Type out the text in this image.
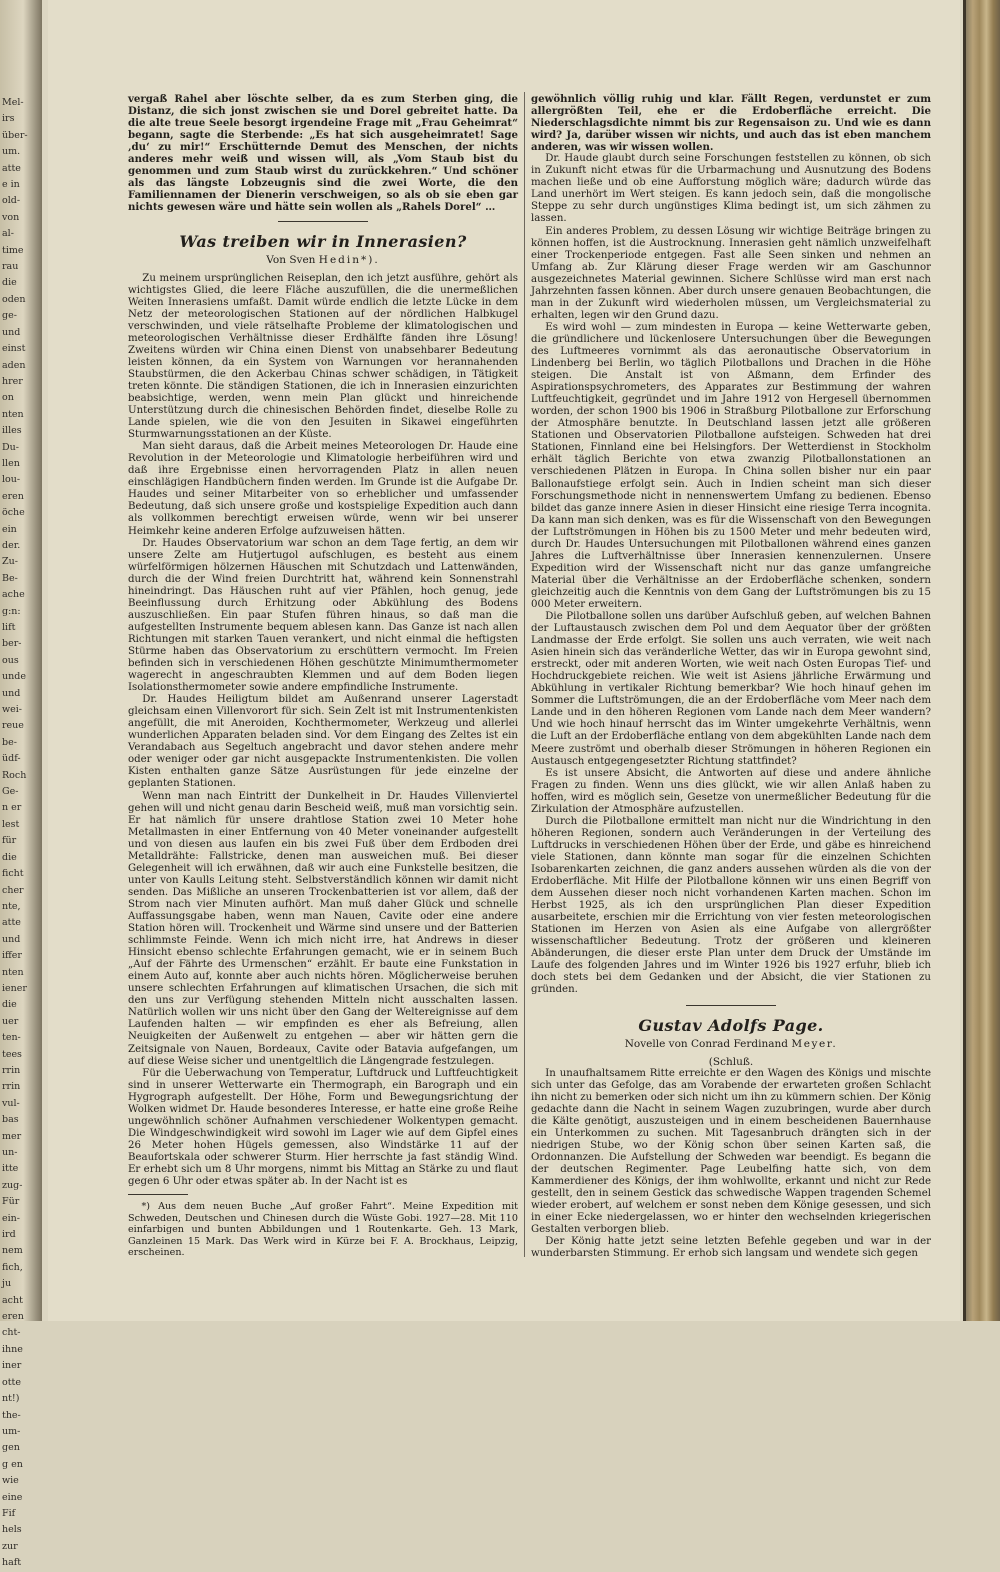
Mel-
irs
über-
um.
atte
e in
old-
von
al-
time
rau
die
oden
ge-
und
einst
aden
hrer
on
nten
illes
Du-
llen
lou-
eren
öche
ein
der.
Zu-
Be-
ache
g:n:
lift
ber-
ous
unde
und
wei-
reue
be-
üdf-
Roch
Ge-
n er
lest
für
die
ficht
cher
nte,
atte
und
iffer
nten
iener
die
uer
ten-
tees
rrin
rrin
vul-
bas
mer
un-
itte
zug-
Für
ein-
ird
nem
fich,
ju
acht
eren
cht-
ihne
iner
otte
nt!)
the-
um-
gen
g en
wie
eine
Fif
hels
zur
haft

vergaß Rahel aber löschte selber, da es zum Sterben ging, die Distanz, die sich jonst zwischen sie und Dorel gebreitet hatte. Da die alte treue Seele besorgt irgendeine Frage mit „Frau Geheimrat“ begann, sagte die Sterbende: „Es hat sich ausgeheimratet! Sage ‚du‘ zu mir!“ Erschütternde Demut des Menschen, der nichts anderes mehr weiß und wissen will, als „Vom Staub bist du genommen und zum Staub wirst du zurückkehren.“ Und schöner als das längste Lobzeugnis sind die zwei Worte, die den Familiennamen der Dienerin verschweigen, so als ob sie eben gar nichts gewesen wäre und hätte sein wollen als „Rahels Dorel“ …

Was treiben wir in Innerasien?
Von Sven Hedin*).

Zu meinem ursprünglichen Reiseplan, den ich jetzt ausführe, gehört als wichtigstes Glied, die leere Fläche auszufüllen, die die unermeßlichen Weiten Innerasiens umfaßt. Damit würde endlich die letzte Lücke in dem Netz der meteorologischen Stationen auf der nördlichen Halbkugel verschwinden, und viele rätselhafte Probleme der klimatologischen und meteorologischen Verhältnisse dieser Erdhälfte fänden ihre Lösung! Zweitens würden wir China einen Dienst von unabsehbarer Bedeutung leisten können, da ein System von Warnungen vor herannahenden Staubstürmen, die den Ackerbau Chinas schwer schädigen, in Tätigkeit treten könnte. Die ständigen Stationen, die ich in Innerasien einzurichten beabsichtige, werden, wenn mein Plan glückt und hinreichende Unterstützung durch die chinesischen Behörden findet, dieselbe Rolle zu Lande spielen, wie die von den Jesuiten in Sikawei eingeführten Sturmwarnungsstationen an der Küste.

Man sieht daraus, daß die Arbeit meines Meteorologen Dr. Haude eine Revolution in der Meteorologie und Klimatologie herbeiführen wird und daß ihre Ergebnisse einen hervorragenden Platz in allen neuen einschlägigen Handbüchern finden werden. Im Grunde ist die Aufgabe Dr. Haudes und seiner Mitarbeiter von so erheblicher und umfassender Bedeutung, daß sich unsere große und kostspielige Expedition auch dann als vollkommen berechtigt erweisen würde, wenn wir bei unserer Heimkehr keine anderen Erfolge aufzuweisen hätten.

Dr. Haudes Observatorium war schon an dem Tage fertig, an dem wir unsere Zelte am Hutjertugol aufschlugen, es besteht aus einem würfelförmigen hölzernen Häuschen mit Schutzdach und Lattenwänden, durch die der Wind freien Durchtritt hat, während kein Sonnenstrahl hineindringt. Das Häuschen ruht auf vier Pfählen, hoch genug, jede Beeinflussung durch Erhitzung oder Abkühlung des Bodens auszuschließen. Ein paar Stufen führen hinaus, so daß man die aufgestellten Instrumente bequem ablesen kann. Das Ganze ist nach allen Richtungen mit starken Tauen verankert, und nicht einmal die heftigsten Stürme haben das Observatorium zu erschüttern vermocht. Im Freien befinden sich in verschiedenen Höhen geschützte Minimumthermometer wagerecht in angeschraubten Klemmen und auf dem Boden liegen Isolationsthermometer sowie andere empfindliche Instrumente.

Dr. Haudes Heiligtum bildet am Außenrand unserer Lagerstadt gleichsam einen Villenvorort für sich. Sein Zelt ist mit Instrumentenkisten angefüllt, die mit Aneroiden, Kochthermometer, Werkzeug und allerlei wunderlichen Apparaten beladen sind. Vor dem Eingang des Zeltes ist ein Verandabach aus Segeltuch angebracht und davor stehen andere mehr oder weniger oder gar nicht ausgepackte Instrumentenkisten. Die vollen Kisten enthalten ganze Sätze Ausrüstungen für jede einzelne der geplanten Stationen.

Wenn man nach Eintritt der Dunkelheit in Dr. Haudes Villenviertel gehen will und nicht genau darin Bescheid weiß, muß man vorsichtig sein. Er hat nämlich für unsere drahtlose Station zwei 10 Meter hohe Metallmasten in einer Entfernung von 40 Meter voneinander aufgestellt und von diesen aus laufen ein bis zwei Fuß über dem Erdboden drei Metalldrähte: Fallstricke, denen man ausweichen muß. Bei dieser Gelegenheit will ich erwähnen, daß wir auch eine Funkstelle besitzen, die unter von Kaulls Leitung steht. Selbstverständlich können wir damit nicht senden. Das Mißliche an unseren Trockenbatterien ist vor allem, daß der Strom nach vier Minuten aufhört. Man muß daher Glück und schnelle Auffassungsgabe haben, wenn man Nauen, Cavite oder eine andere Station hören will. Trockenheit und Wärme sind unsere und der Batterien schlimmste Feinde. Wenn ich mich nicht irre, hat Andrews in dieser Hinsicht ebenso schlechte Erfahrungen gemacht, wie er in seinem Buch „Auf der Fährte des Urmenschen“ erzählt. Er baute eine Funkstation in einem Auto auf, konnte aber auch nichts hören. Möglicherweise beruhen unsere schlechten Erfahrungen auf klimatischen Ursachen, die sich mit den uns zur Verfügung stehenden Mitteln nicht ausschalten lassen. Natürlich wollen wir uns nicht über den Gang der Weltereignisse auf dem Laufenden halten — wir empfinden es eher als Befreiung, allen Neuigkeiten der Außenwelt zu entgehen — aber wir hätten gern die Zeitsignale von Nauen, Bordeaux, Cavite oder Batavia aufgefangen, um auf diese Weise sicher und unentgeltlich die Längengrade festzulegen.

Für die Ueberwachung von Temperatur, Luftdruck und Luftfeuchtigkeit sind in unserer Wetterwarte ein Thermograph, ein Barograph und ein Hygrograph aufgestellt. Der Höhe, Form und Bewegungsrichtung der Wolken widmet Dr. Haude besonderes Interesse, er hatte eine große Reihe ungewöhnlich schöner Aufnahmen verschiedener Wolkentypen gemacht. Die Windgeschwindigkeit wird sowohl im Lager wie auf dem Gipfel eines 26 Meter hohen Hügels gemessen, also Windstärke 11 auf der Beaufortskala oder schwerer Sturm. Hier herrschte ja fast ständig Wind. Er erhebt sich um 8 Uhr morgens, nimmt bis Mittag an Stärke zu und flaut gegen 6 Uhr oder etwas später ab. In der Nacht ist es

*) Aus dem neuen Buche „Auf großer Fahrt“. Meine Expedition mit Schweden, Deutschen und Chinesen durch die Wüste Gobi. 1927—28. Mit 110 einfarbigen und bunten Abbildungen und 1 Routenkarte. Geh. 13 Mark, Ganzleinen 15 Mark. Das Werk wird in Kürze bei F. A. Brockhaus, Leipzig, erscheinen.

gewöhnlich völlig ruhig und klar. Fällt Regen, verdunstet er zum allergrößten Teil, ehe er die Erdoberfläche erreicht. Die Niederschlagsdichte nimmt bis zur Regensaison zu. Und wie es dann wird? Ja, darüber wissen wir nichts, und auch das ist eben manchem anderen, was wir wissen wollen.

Dr. Haude glaubt durch seine Forschungen feststellen zu können, ob sich in Zukunft nicht etwas für die Urbarmachung und Ausnutzung des Bodens machen ließe und ob eine Aufforstung möglich wäre; dadurch würde das Land unerhört im Wert steigen. Es kann jedoch sein, daß die mongolische Steppe zu sehr durch ungünstiges Klima bedingt ist, um sich zähmen zu lassen.

Ein anderes Problem, zu dessen Lösung wir wichtige Beiträge bringen zu können hoffen, ist die Austrocknung. Innerasien geht nämlich unzweifelhaft einer Trockenperiode entgegen. Fast alle Seen sinken und nehmen an Umfang ab. Zur Klärung dieser Frage werden wir am Gaschunnor ausgezeichnetes Material gewinnen. Sichere Schlüsse wird man erst nach Jahrzehnten fassen können. Aber durch unsere genauen Beobachtungen, die man in der Zukunft wird wiederholen müssen, um Vergleichsmaterial zu erhalten, legen wir den Grund dazu.

Es wird wohl — zum mindesten in Europa — keine Wetterwarte geben, die gründlichere und lückenlosere Untersuchungen über die Bewegungen des Luftmeeres vornimmt als das aeronautische Observatorium in Lindenberg bei Berlin, wo täglich Pilotballons und Drachen in die Höhe steigen. Die Anstalt ist von Aßmann, dem Erfinder des Aspirationspsychrometers, des Apparates zur Bestimmung der wahren Luftfeuchtigkeit, gegründet und im Jahre 1912 von Hergesell übernommen worden, der schon 1900 bis 1906 in Straßburg Pilotballone zur Erforschung der Atmosphäre benutzte. In Deutschland lassen jetzt alle größeren Stationen und Observatorien Pilotballone aufsteigen. Schweden hat drei Stationen, Finnland eine bei Helsingfors. Der Wetterdienst in Stockholm erhält täglich Berichte von etwa zwanzig Pilotballonstationen an verschiedenen Plätzen in Europa. In China sollen bisher nur ein paar Ballonaufstiege erfolgt sein. Auch in Indien scheint man sich dieser Forschungsmethode nicht in nennenswertem Umfang zu bedienen. Ebenso bildet das ganze innere Asien in dieser Hinsicht eine riesige Terra incognita. Da kann man sich denken, was es für die Wissenschaft von den Bewegungen der Luftströmungen in Höhen bis zu 1500 Meter und mehr bedeuten wird, durch Dr. Haudes Untersuchungen mit Pilotballonen während eines ganzen Jahres die Luftverhältnisse über Innerasien kennenzulernen. Unsere Expedition wird der Wissenschaft nicht nur das ganze umfangreiche Material über die Verhältnisse an der Erdoberfläche schenken, sondern gleichzeitig auch die Kenntnis von dem Gang der Luftströmungen bis zu 15 000 Meter erweitern.

Die Pilotballone sollen uns darüber Aufschluß geben, auf welchen Bahnen der Luftaustausch zwischen dem Pol und dem Aequator über der größten Landmasse der Erde erfolgt. Sie sollen uns auch verraten, wie weit nach Asien hinein sich das veränderliche Wetter, das wir in Europa gewohnt sind, erstreckt, oder mit anderen Worten, wie weit nach Osten Europas Tief- und Hochdruckgebiete reichen. Wie weit ist Asiens jährliche Erwärmung und Abkühlung in vertikaler Richtung bemerkbar? Wie hoch hinauf gehen im Sommer die Luftströmungen, die an der Erdoberfläche vom Meer nach dem Lande und in den höheren Regionen vom Lande nach dem Meer wandern? Und wie hoch hinauf herrscht das im Winter umgekehrte Verhältnis, wenn die Luft an der Erdoberfläche entlang von dem abgekühlten Lande nach dem Meere zuströmt und oberhalb dieser Strömungen in höheren Regionen ein Austausch entgegengesetzter Richtung stattfindet?

Es ist unsere Absicht, die Antworten auf diese und andere ähnliche Fragen zu finden. Wenn uns dies glückt, wie wir allen Anlaß haben zu hoffen, wird es möglich sein, Gesetze von unermeßlicher Bedeutung für die Zirkulation der Atmosphäre aufzustellen.

Durch die Pilotballone ermittelt man nicht nur die Windrichtung in den höheren Regionen, sondern auch Veränderungen in der Verteilung des Luftdrucks in verschiedenen Höhen über der Erde, und gäbe es hinreichend viele Stationen, dann könnte man sogar für die einzelnen Schichten Isobarenkarten zeichnen, die ganz anders aussehen würden als die von der Erdoberfläche. Mit Hilfe der Pilotballone können wir uns einen Begriff von dem Aussehen dieser noch nicht vorhandenen Karten machen. Schon im Herbst 1925, als ich den ursprünglichen Plan dieser Expedition ausarbeitete, erschien mir die Errichtung von vier festen meteorologischen Stationen im Herzen von Asien als eine Aufgabe von allergrößter wissenschaftlicher Bedeutung. Trotz der größeren und kleineren Abänderungen, die dieser erste Plan unter dem Druck der Umstände im Laufe des folgenden Jahres und im Winter 1926 bis 1927 erfuhr, blieb ich doch stets bei dem Gedanken und der Absicht, die vier Stationen zu gründen.

Gustav Adolfs Page.
Novelle von Conrad Ferdinand Meyer.
(Schluß.

In unaufhaltsamem Ritte erreichte er den Wagen des Königs und mischte sich unter das Gefolge, das am Vorabende der erwarteten großen Schlacht ihn nicht zu bemerken oder sich nicht um ihn zu kümmern schien. Der König gedachte dann die Nacht in seinem Wagen zuzubringen, wurde aber durch die Kälte genötigt, auszusteigen und in einem bescheidenen Bauernhause ein Unterkommen zu suchen. Mit Tagesanbruch drängten sich in der niedrigen Stube, wo der König schon über seinen Karten saß, die Ordonnanzen. Die Aufstellung der Schweden war beendigt. Es begann die der deutschen Regimenter. Page Leubelfing hatte sich, von dem Kammerdiener des Königs, der ihm wohlwollte, erkannt und nicht zur Rede gestellt, den in seinem Gestick das schwedische Wappen tragenden Schemel wieder erobert, auf welchem er sonst neben dem Könige gesessen, und sich in einer Ecke niedergelassen, wo er hinter den wechselnden kriegerischen Gestalten verborgen blieb.

Der König hatte jetzt seine letzten Befehle gegeben und war in der wunderbarsten Stimmung. Er erhob sich langsam und wendete sich gegen
